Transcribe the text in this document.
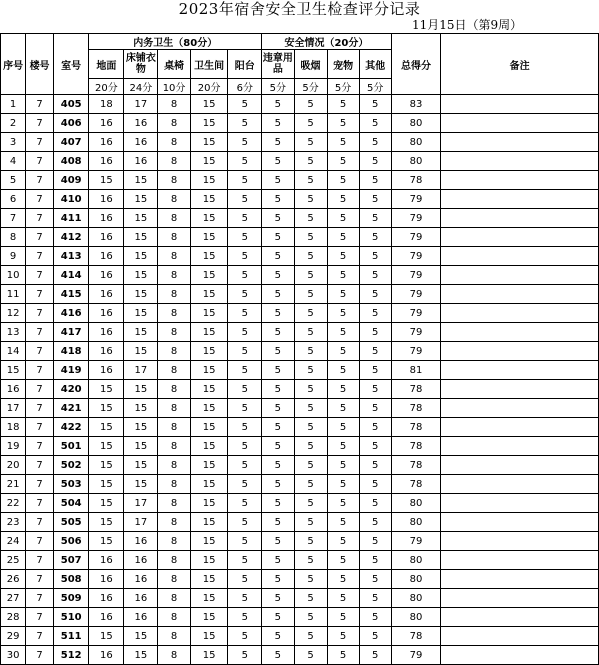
2023年宿舍安全卫生检查评分记录
11月15日（第9周）
序号	楼号	室号	内务卫生（80分）					安全情况（20分）				总得分	备注
			地面	床铺衣物	桌椅	卫生间	阳台	违章用品	吸烟	宠物	其他		
			20分	24分	10分	20分	6分	5分	5分	5分	5分		
1	7	405	18	17	8	15	5	5	5	5	5	83	
2	7	406	16	16	8	15	5	5	5	5	5	80	
3	7	407	16	16	8	15	5	5	5	5	5	80	
4	7	408	16	16	8	15	5	5	5	5	5	80	
5	7	409	15	15	8	15	5	5	5	5	5	78	
6	7	410	16	15	8	15	5	5	5	5	5	79	
7	7	411	16	15	8	15	5	5	5	5	5	79	
8	7	412	16	15	8	15	5	5	5	5	5	79	
9	7	413	16	15	8	15	5	5	5	5	5	79	
10	7	414	16	15	8	15	5	5	5	5	5	79	
11	7	415	16	15	8	15	5	5	5	5	5	79	
12	7	416	16	15	8	15	5	5	5	5	5	79	
13	7	417	16	15	8	15	5	5	5	5	5	79	
14	7	418	16	15	8	15	5	5	5	5	5	79	
15	7	419	16	17	8	15	5	5	5	5	5	81	
16	7	420	15	15	8	15	5	5	5	5	5	78	
17	7	421	15	15	8	15	5	5	5	5	5	78	
18	7	422	15	15	8	15	5	5	5	5	5	78	
19	7	501	15	15	8	15	5	5	5	5	5	78	
20	7	502	15	15	8	15	5	5	5	5	5	78	
21	7	503	15	15	8	15	5	5	5	5	5	78	
22	7	504	15	17	8	15	5	5	5	5	5	80	
23	7	505	15	17	8	15	5	5	5	5	5	80	
24	7	506	15	16	8	15	5	5	5	5	5	79	
25	7	507	16	16	8	15	5	5	5	5	5	80	
26	7	508	16	16	8	15	5	5	5	5	5	80	
27	7	509	16	16	8	15	5	5	5	5	5	80	
28	7	510	16	16	8	15	5	5	5	5	5	80	
29	7	511	15	15	8	15	5	5	5	5	5	78	
30	7	512	16	15	8	15	5	5	5	5	5	79	
